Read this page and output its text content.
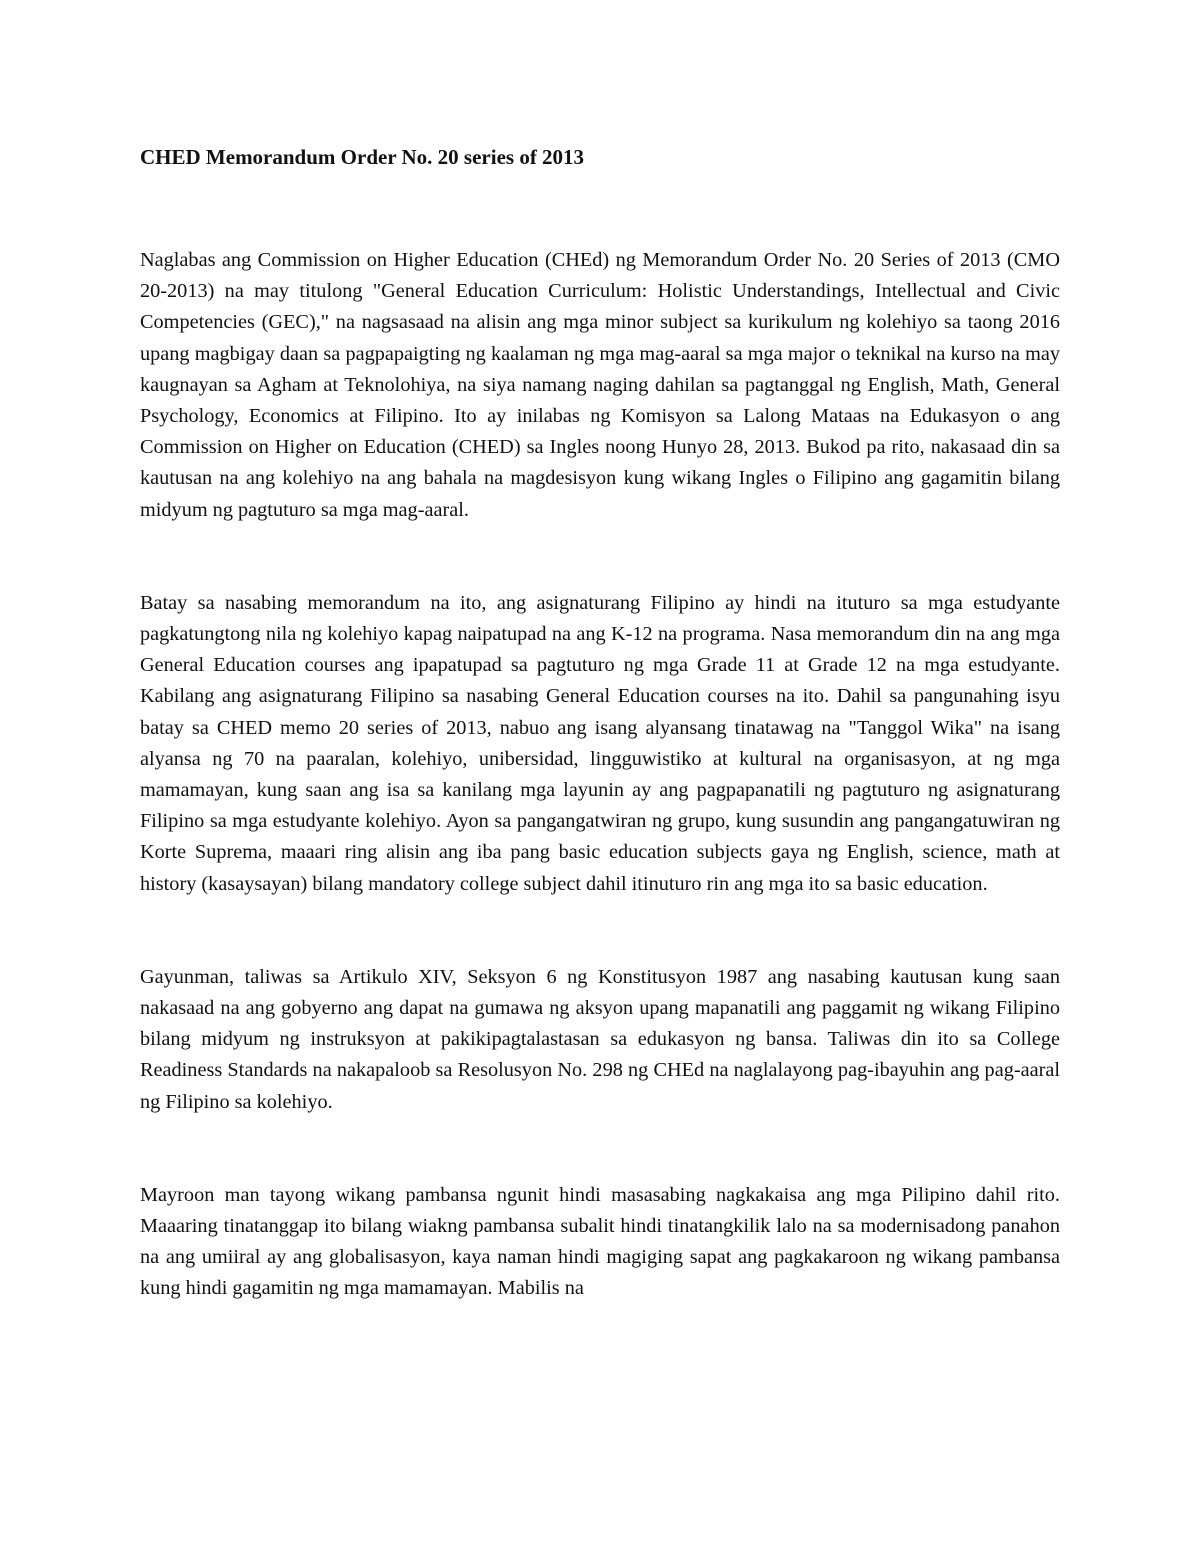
CHED Memorandum Order No. 20 series of 2013

Naglabas ang Commission on Higher Education (CHEd) ng Memorandum Order No. 20 Series of 2013 (CMO 20-2013) na may titulong "General Education Curriculum: Holistic Understandings, Intellectual and Civic Competencies (GEC)," na nagsasaad na alisin ang mga minor subject sa kurikulum ng kolehiyo sa taong 2016 upang magbigay daan sa pagpapaigting ng kaalaman ng mga mag-aaral sa mga major o teknikal na kurso na may kaugnayan sa Agham at Teknolohiya, na siya namang naging dahilan sa pagtanggal ng English, Math, General Psychology, Economics at Filipino. Ito ay inilabas ng Komisyon sa Lalong Mataas na Edukasyon o ang Commission on Higher on Education (CHED) sa Ingles noong Hunyo 28, 2013. Bukod pa rito, nakasaad din sa kautusan na ang kolehiyo na ang bahala na magdesisyon kung wikang Ingles o Filipino ang gagamitin bilang midyum ng pagtuturo sa mga mag-aaral.

Batay sa nasabing memorandum na ito, ang asignaturang Filipino ay hindi na ituturo sa mga estudyante pagkatungtong nila ng kolehiyo kapag naipatupad na ang K-12 na programa. Nasa memorandum din na ang mga General Education courses ang ipapatupad sa pagtuturo ng mga Grade 11 at Grade 12 na mga estudyante. Kabilang ang asignaturang Filipino sa nasabing General Education courses na ito. Dahil sa pangunahing isyu batay sa CHED memo 20 series of 2013, nabuo ang isang alyansang tinatawag na "Tanggol Wika" na isang alyansa ng 70 na paaralan, kolehiyo, unibersidad, lingguwistiko at kultural na organisasyon, at ng mga mamamayan, kung saan ang isa sa kanilang mga layunin ay ang pagpapanatili ng pagtuturo ng asignaturang Filipino sa mga estudyante kolehiyo. Ayon sa pangangatwiran ng grupo, kung susundin ang pangangatuwiran ng Korte Suprema, maaari ring alisin ang iba pang basic education subjects gaya ng English, science, math at history (kasaysayan) bilang mandatory college subject dahil itinuturo rin ang mga ito sa basic education.

Gayunman, taliwas sa Artikulo XIV, Seksyon 6 ng Konstitusyon 1987 ang nasabing kautusan kung saan nakasaad na ang gobyerno ang dapat na gumawa ng aksyon upang mapanatili ang paggamit ng wikang Filipino bilang midyum ng instruksyon at pakikipagtalastasan sa edukasyon ng bansa. Taliwas din ito sa College Readiness Standards na nakapaloob sa Resolusyon No. 298 ng CHEd na naglalayong pag-ibayuhin ang pag-aaral ng Filipino sa kolehiyo.

Mayroon man tayong wikang pambansa ngunit hindi masasabing nagkakaisa ang mga Pilipino dahil rito. Maaaring tinatanggap ito bilang wiakng pambansa subalit hindi tinatangkilik lalo na sa modernisadong panahon na ang umiiral ay ang globalisasyon, kaya naman hindi magiging sapat ang pagkakaroon ng wikang pambansa kung hindi gagamitin ng mga mamamayan. Mabilis na
